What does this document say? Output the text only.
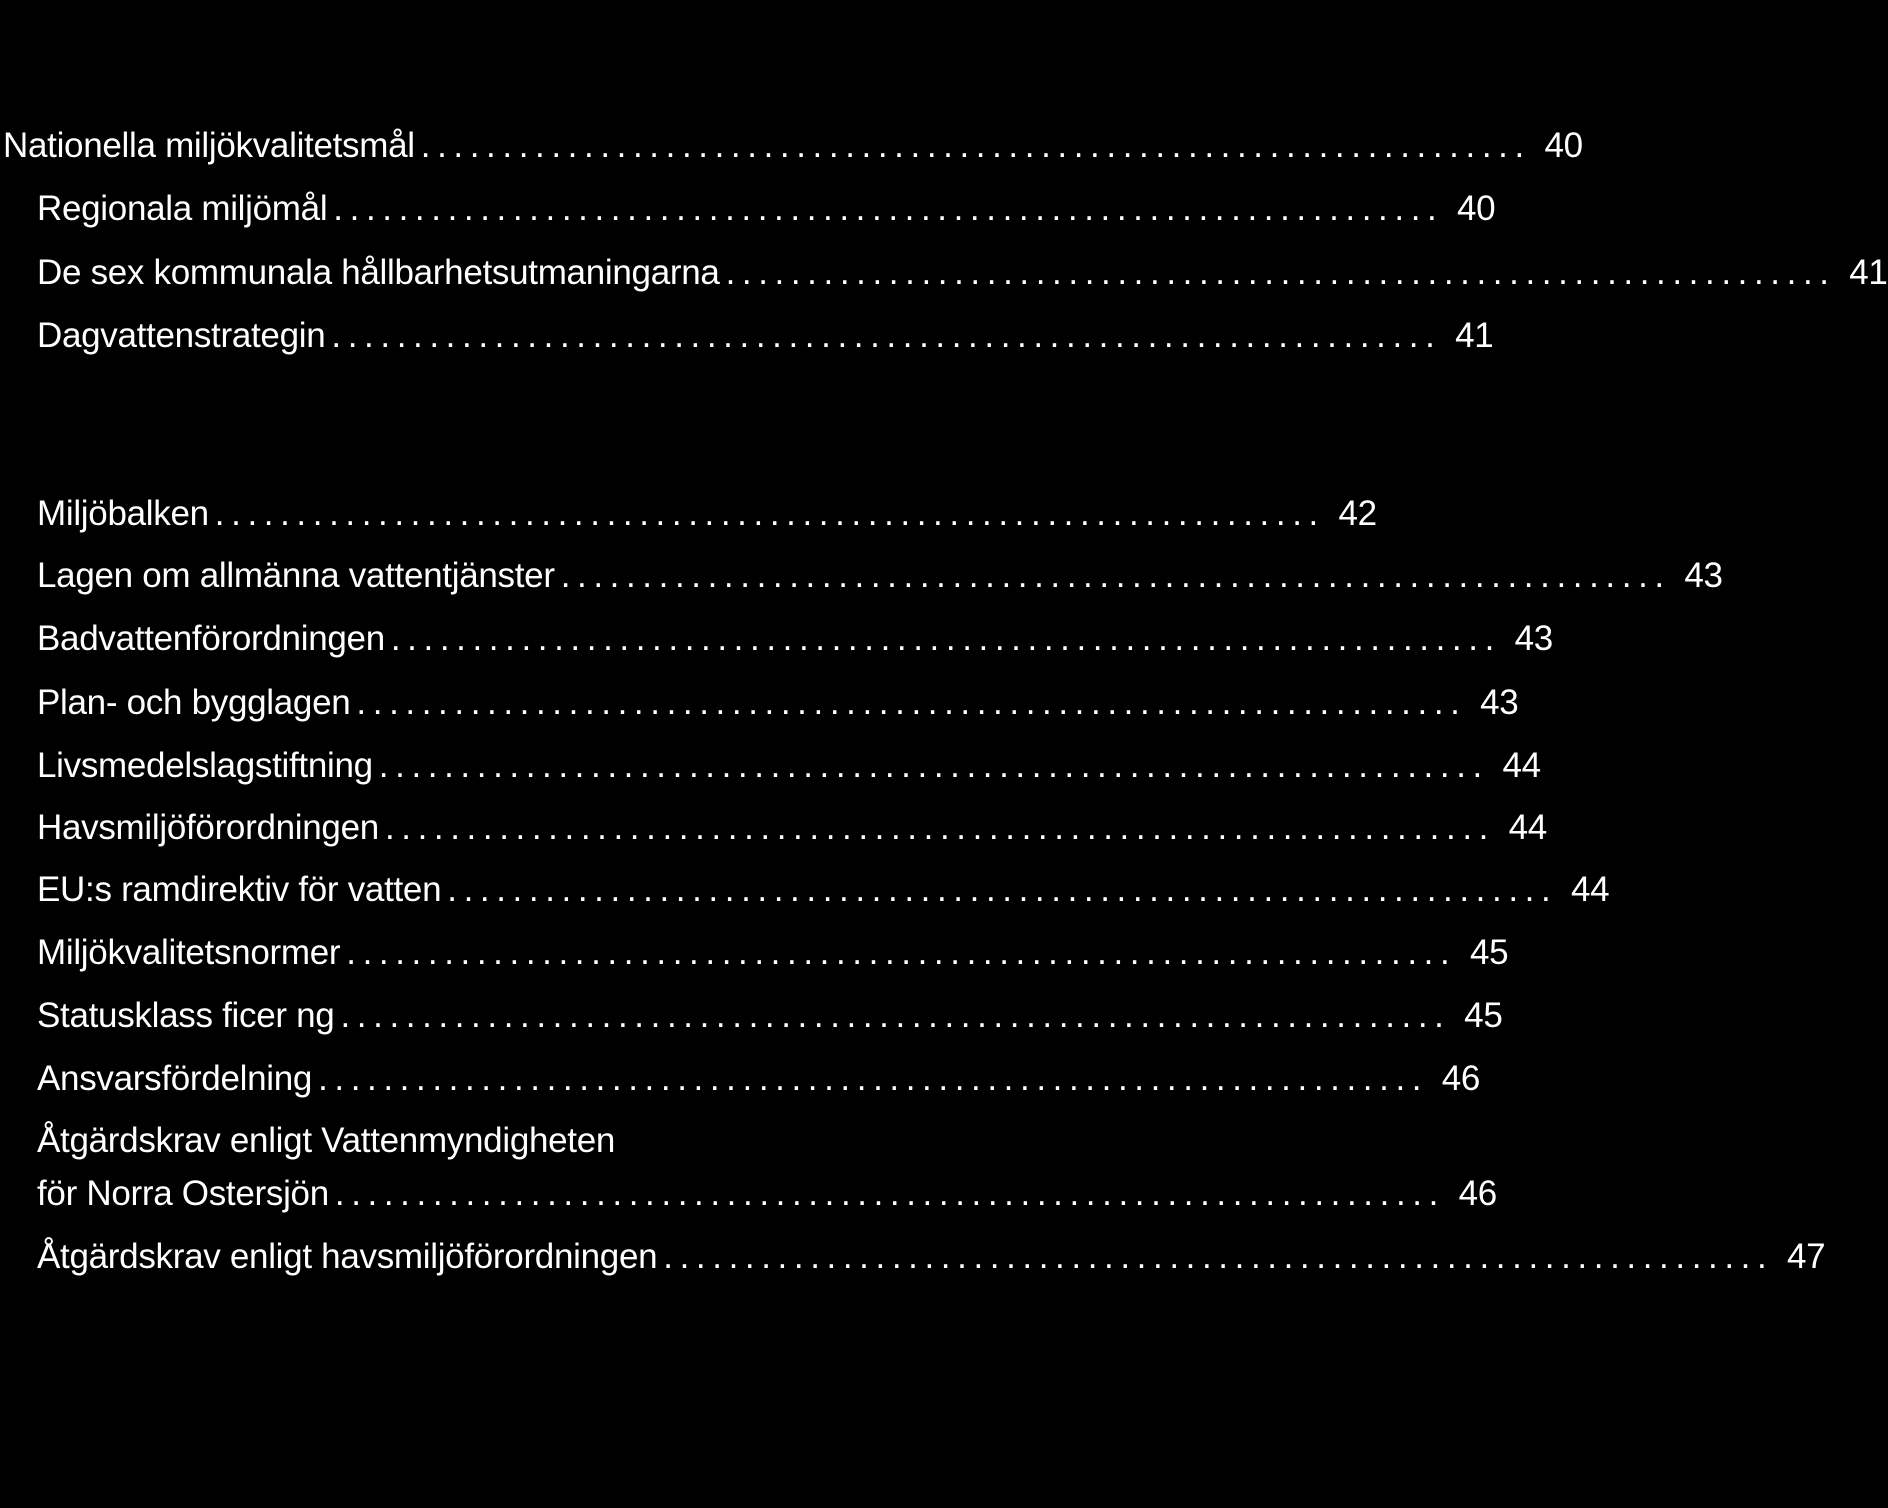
Nationella miljökvalitetsmål .................................................................... 40
Regionala miljömål .................................................................... 40
De sex kommunala hållbarhetsutmaningarna .................................................................... 41
Dagvattenstrategin .................................................................... 41
Miljöbalken .................................................................... 42
Lagen om allmänna vattentjänster .................................................................... 43
Badvattenförordningen .................................................................... 43
Plan- och bygglagen .................................................................... 43
Livsmedelslagstiftning .................................................................... 44
Havsmiljöförordningen .................................................................... 44
EU:s ramdirektiv för vatten .................................................................... 44
Miljökvalitetsnormer .................................................................... 45
Statusklass ficer ng .................................................................... 45
Ansvarsfördelning .................................................................... 46
Åtgärdskrav enligt Vattenmyndigheten
för Norra Ostersjön .................................................................... 46
Åtgärdskrav enligt havsmiljöförordningen .................................................................... 47
